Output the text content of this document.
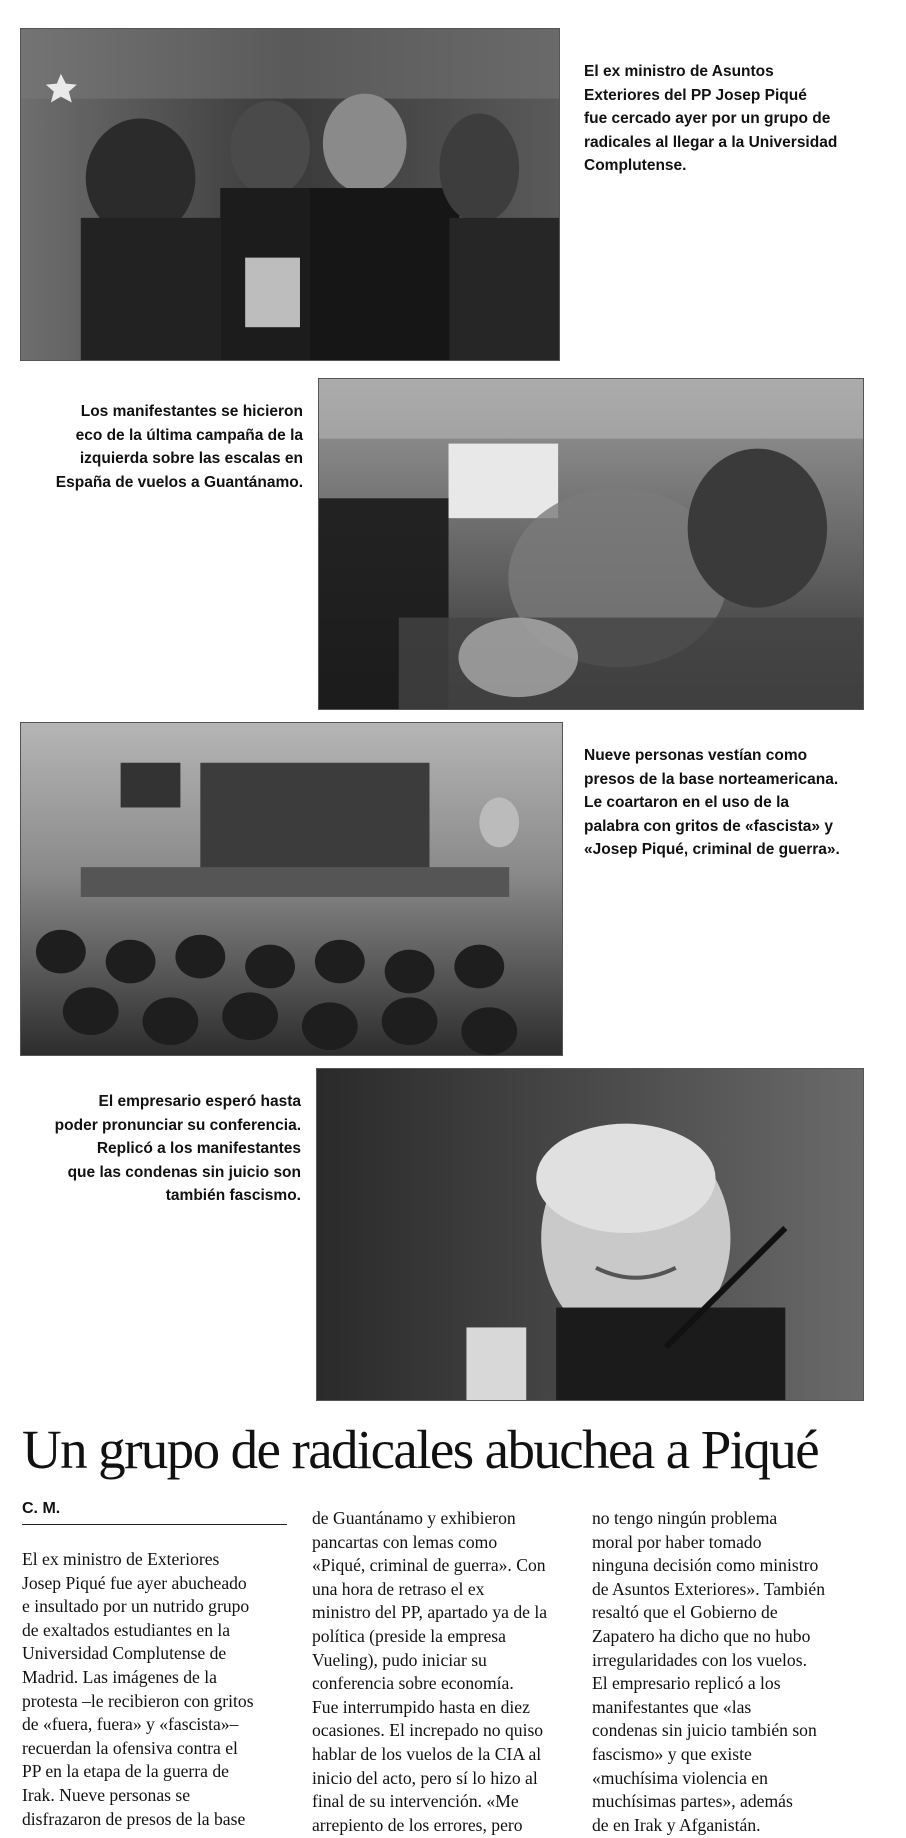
El ex ministro de Asuntos
Exteriores del PP Josep Piqué
fue cercado ayer por un grupo de
radicales al llegar a la Universidad
Complutense.
Los manifestantes se hicieron
eco de la última campaña de la
izquierda sobre las escalas en
España de vuelos a Guantánamo.
Nueve personas vestían como
presos de la base norteamericana.
Le coartaron en el uso de la
palabra con gritos de «fascista» y
«Josep Piqué, criminal de guerra».
El empresario esperó hasta
poder pronunciar su conferencia.
Replicó a los manifestantes
que las condenas sin juicio son
también fascismo.
Un grupo de radicales abuchea a Piqué
C. M.
El ex ministro de Exteriores
Josep Piqué fue ayer abucheado
e insultado por un nutrido grupo
de exaltados estudiantes en la
Universidad Complutense de
Madrid. Las imágenes de la
protesta –le recibieron con gritos
de «fuera, fuera» y «fascista»–
recuerdan la ofensiva contra el
PP en la etapa de la guerra de
Irak. Nueve personas se
disfrazaron de presos de la base
de Guantánamo y exhibieron
pancartas con lemas como
«Piqué, criminal de guerra». Con
una hora de retraso el ex
ministro del PP, apartado ya de la
política (preside la empresa
Vueling), pudo iniciar su
conferencia sobre economía.
Fue interrumpido hasta en diez
ocasiones. El increpado no quiso
hablar de los vuelos de la CIA al
inicio del acto, pero sí lo hizo al
final de su intervención. «Me
arrepiento de los errores, pero
no tengo ningún problema
moral por haber tomado
ninguna decisión como ministro
de Asuntos Exteriores». También
resaltó que el Gobierno de
Zapatero ha dicho que no hubo
irregularidades con los vuelos.
El empresario replicó a los
manifestantes que «las
condenas sin juicio también son
fascismo» y que existe
«muchísima violencia en
muchísimas partes», además
de en Irak y Afganistán.
